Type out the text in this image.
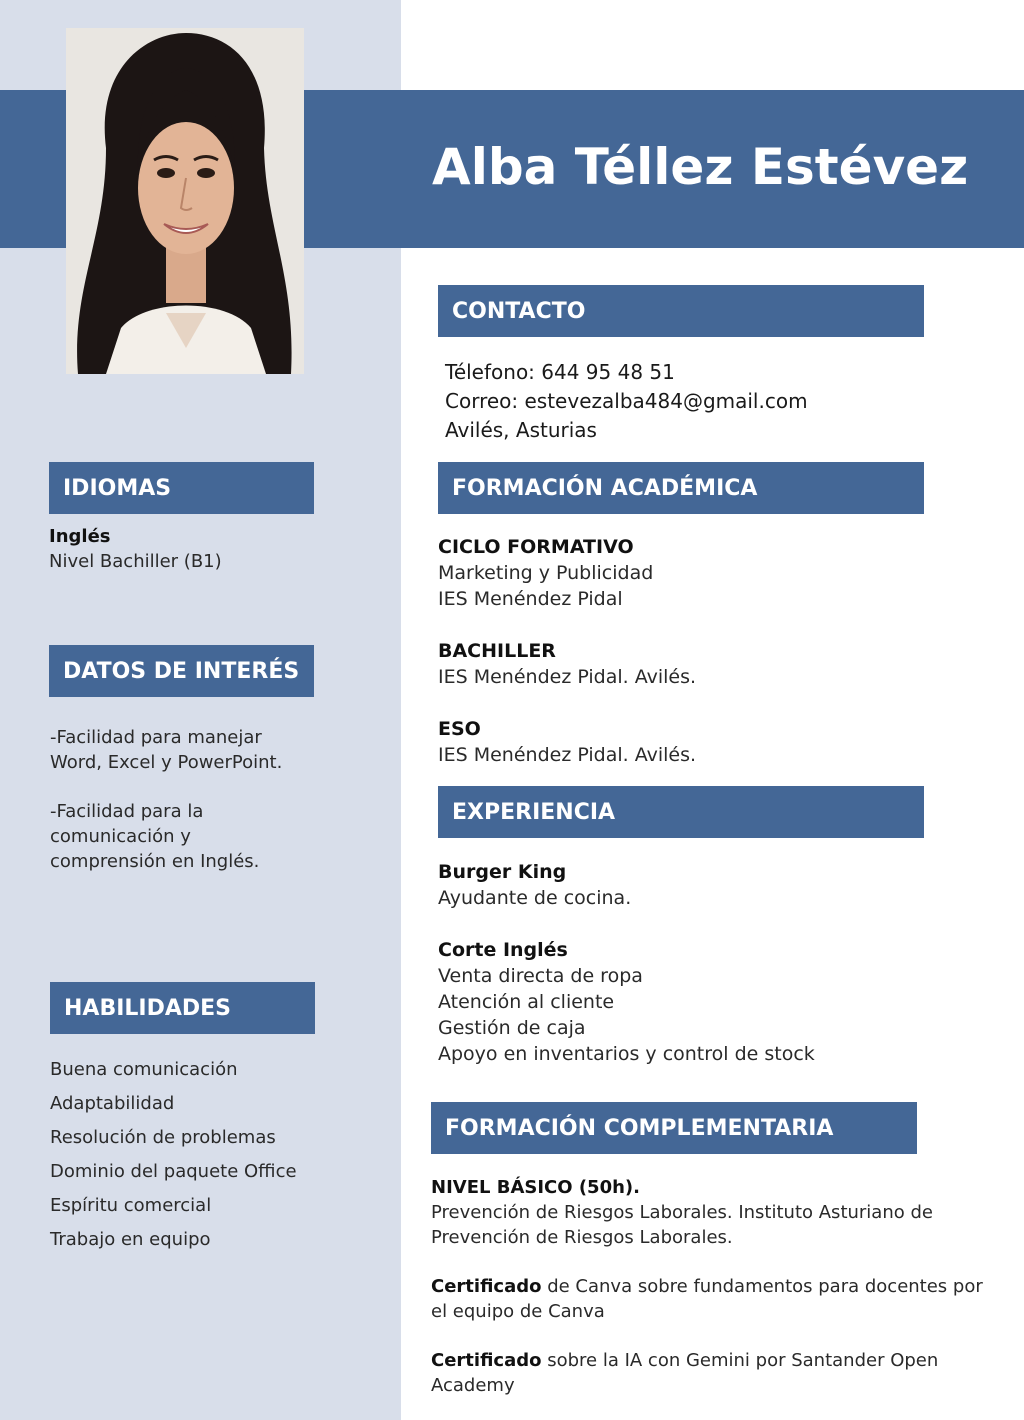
Alba Téllez Estévez
CONTACTO
Télefono: 644 95 48 51
Correo: estevezalba484@gmail.com
Avilés, Asturias
IDIOMAS
Inglés
Nivel Bachiller (B1)
DATOS DE INTERÉS
-Facilidad para manejar
Word, Excel y PowerPoint.
-Facilidad para la
comunicación y
comprensión en Inglés.
HABILIDADES
Buena comunicación
Adaptabilidad
Resolución de problemas
Dominio del paquete Office
Espíritu comercial
Trabajo en equipo
FORMACIÓN ACADÉMICA
CICLO FORMATIVO
Marketing y Publicidad
IES Menéndez Pidal
BACHILLER
IES Menéndez Pidal. Avilés.
ESO
IES Menéndez Pidal. Avilés.
EXPERIENCIA
Burger King
Ayudante de cocina.
Corte Inglés
Venta directa de ropa
Atención al cliente
Gestión de caja
Apoyo en inventarios y control de stock
FORMACIÓN COMPLEMENTARIA
NIVEL BÁSICO (50h).
Prevención de Riesgos Laborales. Instituto Asturiano de
Prevención de Riesgos Laborales.
Certificado de Canva sobre fundamentos para docentes por
el equipo de Canva
Certificado sobre la IA con Gemini por Santander Open
Academy
